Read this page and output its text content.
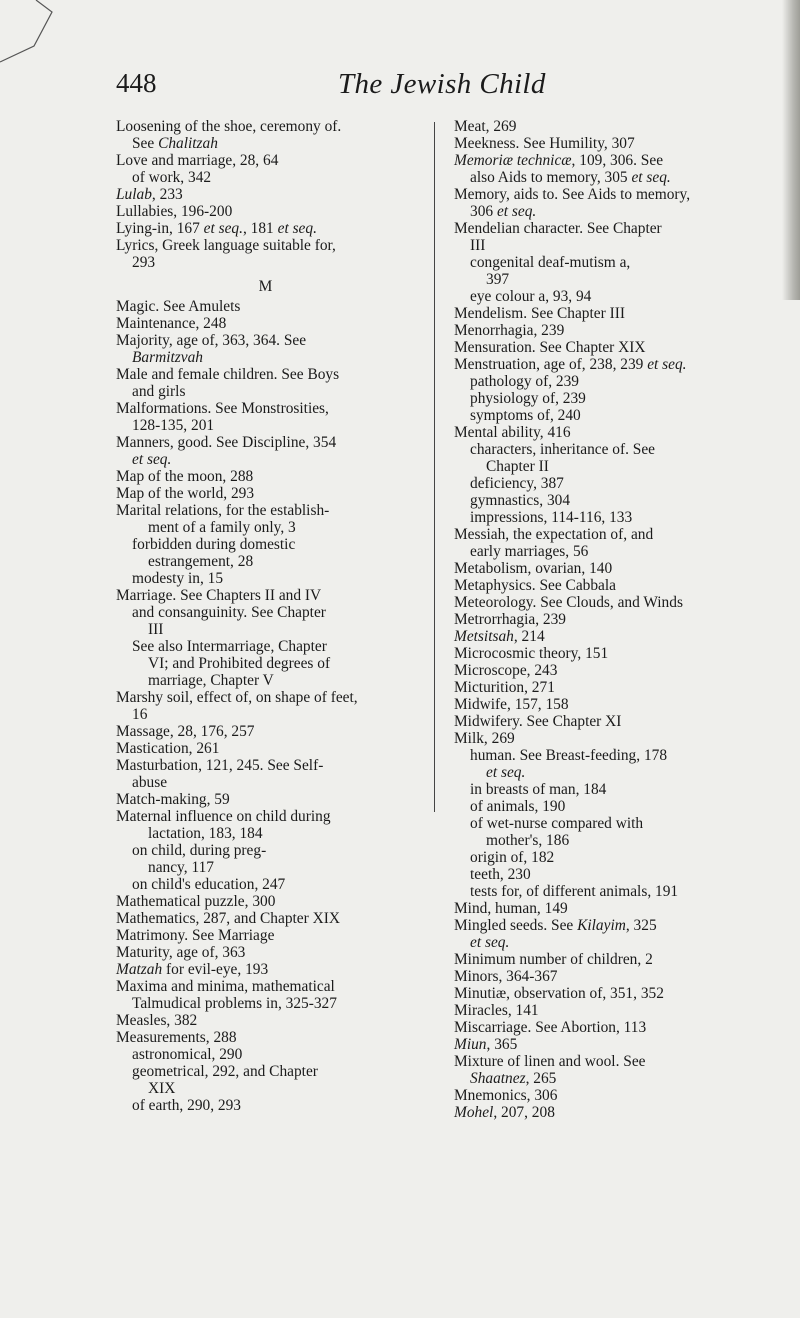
448	The Jewish Child
Loosening of the shoe, ceremony of.
See Chalitzah
Love and marriage, 28, 64
of work, 342
Lulab, 233
Lullabies, 196-200
Lying-in, 167 et seq., 181 et seq.
Lyrics, Greek language suitable for,
293
M
Magic. See Amulets
Maintenance, 248
Majority, age of, 363, 364. See
Barmitzvah
Male and female children. See Boys
and girls
Malformations. See Monstrosities,
128-135, 201
Manners, good. See Discipline, 354
et seq.
Map of the moon, 288
Map of the world, 293
Marital relations, for the establish-
ment of a family only, 3
forbidden during domestic
estrangement, 28
modesty in, 15
Marriage. See Chapters II and IV
and consanguinity. See Chapter
III
See also Intermarriage, Chapter
VI; and Prohibited degrees of
marriage, Chapter V
Marshy soil, effect of, on shape of feet,
16
Massage, 28, 176, 257
Mastication, 261
Masturbation, 121, 245. See Self-
abuse
Match-making, 59
Maternal influence on child during
lactation, 183, 184
on child, during preg-
nancy, 117
on child's education, 247
Mathematical puzzle, 300
Mathematics, 287, and Chapter XIX
Matrimony. See Marriage
Maturity, age of, 363
Matzah for evil-eye, 193
Maxima and minima, mathematical
Talmudical problems in, 325-327
Measles, 382
Measurements, 288
astronomical, 290
geometrical, 292, and Chapter
XIX
of earth, 290, 293
Meat, 269
Meekness. See Humility, 307
Memoriæ technicæ, 109, 306. See
also Aids to memory, 305 et seq.
Memory, aids to. See Aids to memory,
306 et seq.
Mendelian character. See Chapter
III
congenital deaf-mutism a,
397
eye colour a, 93, 94
Mendelism. See Chapter III
Menorrhagia, 239
Mensuration. See Chapter XIX
Menstruation, age of, 238, 239 et seq.
pathology of, 239
physiology of, 239
symptoms of, 240
Mental ability, 416
characters, inheritance of. See
Chapter II
deficiency, 387
gymnastics, 304
impressions, 114-116, 133
Messiah, the expectation of, and
early marriages, 56
Metabolism, ovarian, 140
Metaphysics. See Cabbala
Meteorology. See Clouds, and Winds
Metrorrhagia, 239
Metsitsah, 214
Microcosmic theory, 151
Microscope, 243
Micturition, 271
Midwife, 157, 158
Midwifery. See Chapter XI
Milk, 269
human. See Breast-feeding, 178
et seq.
in breasts of man, 184
of animals, 190
of wet-nurse compared with
mother's, 186
origin of, 182
teeth, 230
tests for, of different animals, 191
Mind, human, 149
Mingled seeds. See Kilayim, 325
et seq.
Minimum number of children, 2
Minors, 364-367
Minutiæ, observation of, 351, 352
Miracles, 141
Miscarriage. See Abortion, 113
Miun, 365
Mixture of linen and wool. See
Shaatnez, 265
Mnemonics, 306
Mohel, 207, 208
